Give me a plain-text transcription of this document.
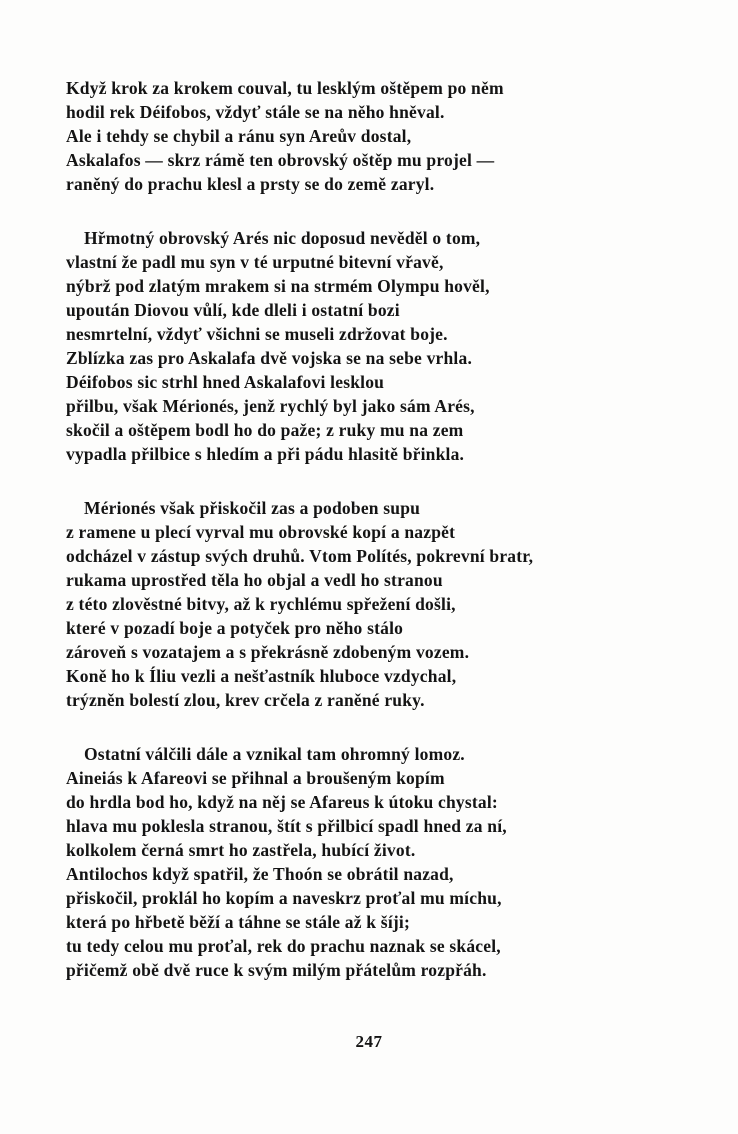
Když krok za krokem couval, tu lesklým oštěpem po něm
hodil rek Déifobos, vždyť stále se na něho hněval.
Ale i tehdy se chybil a ránu syn Areův dostal,
Askalafos — skrz rámě ten obrovský oštěp mu projel —
raněný do prachu klesl a prsty se do země zaryl.
Hřmotný obrovský Arés nic doposud nevěděl o tom,
vlastní že padl mu syn v té urputné bitevní vřavě,
nýbrž pod zlatým mrakem si na strmém Olympu hověl,
upoután Diovou vůlí, kde dleli i ostatní bozi
nesmrtelní, vždyť všichni se museli zdržovat boje.
Zblízka zas pro Askalafa dvě vojska se na sebe vrhla.
Déifobos sic strhl hned Askalafovi lesklou
přilbu, však Mérionés, jenž rychlý byl jako sám Arés,
skočil a oštěpem bodl ho do paže; z ruky mu na zem
vypadla přilbice s hledím a při pádu hlasitě břinkla.
Mérionés však přiskočil zas a podoben supu
z ramene u plecí vyrval mu obrovské kopí a nazpět
odcházel v zástup svých druhů. Vtom Polítés, pokrevní bratr,
rukama uprostřed těla ho objal a vedl ho stranou
z této zlověstné bitvy, až k rychlému spřežení došli,
které v pozadí boje a potyček pro něho stálo
zároveň s vozatajem a s překrásně zdobeným vozem.
Koně ho k Íliu vezli a nešťastník hluboce vzdychal,
trýzněn bolestí zlou, krev crčela z raněné ruky.
Ostatní válčili dále a vznikal tam ohromný lomoz.
Aineiás k Afareovi se přihnal a broušeným kopím
do hrdla bod ho, když na něj se Afareus k útoku chystal:
hlava mu poklesla stranou, štít s přilbicí spadl hned za ní,
kolkolem černá smrt ho zastřela, hubící život.
Antilochos když spatřil, že Thoón se obrátil nazad,
přiskočil, proklál ho kopím a naveskrz proťal mu míchu,
která po hřbetě běží a táhne se stále až k šíji;
tu tedy celou mu proťal, rek do prachu naznak se skácel,
přičemž obě dvě ruce k svým milým přátelům rozpřáh.
247
